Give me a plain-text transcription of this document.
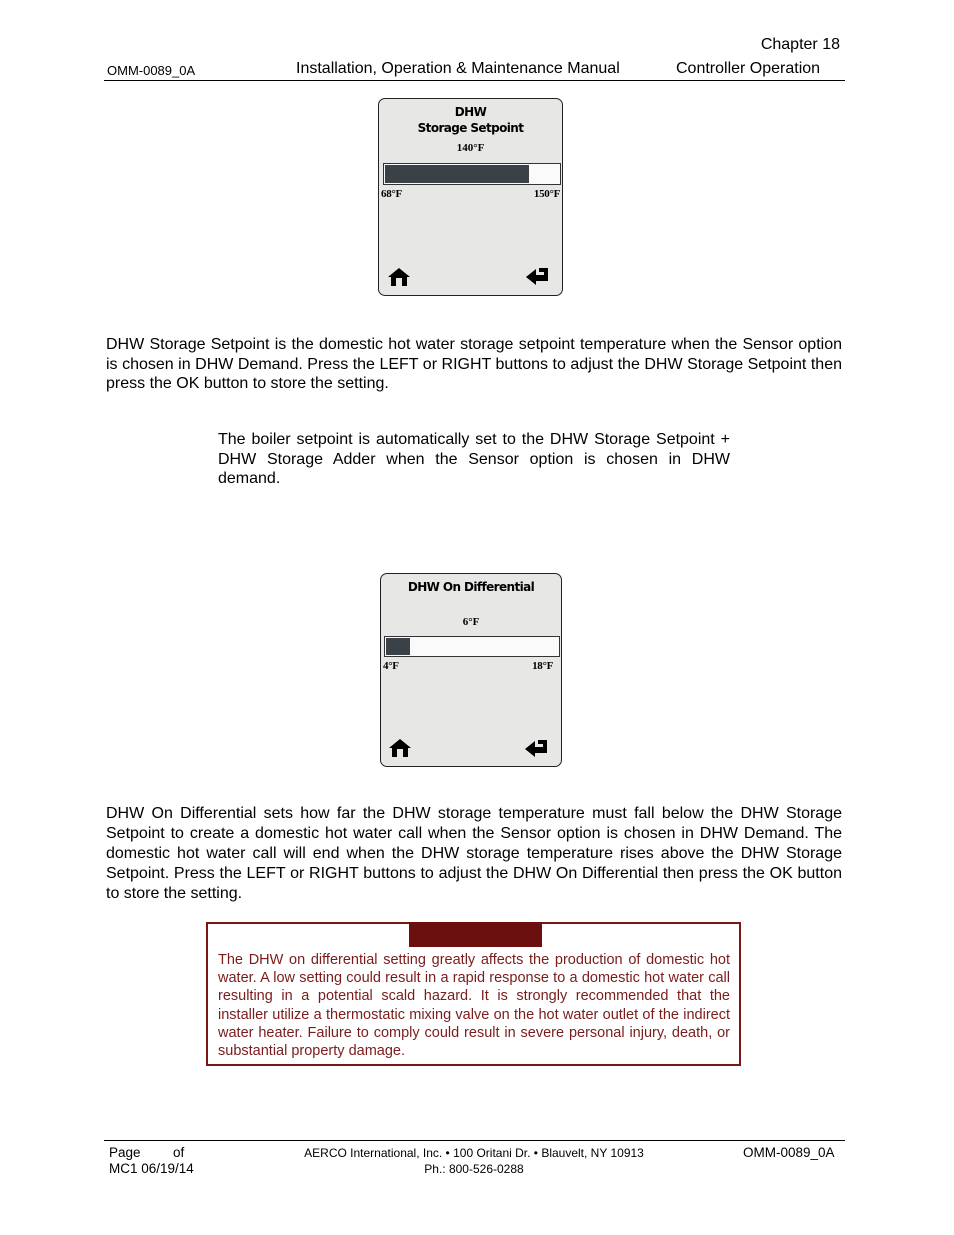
Chapter 18
OMM-0089_0A	Installation, Operation & Maintenance Manual	Controller Operation
DHW
Storage Setpoint
140°F
68°F	150°F
DHW Storage Setpoint is the domestic hot water storage setpoint temperature when the Sensor option is chosen in DHW Demand. Press the LEFT or RIGHT buttons to adjust the DHW Storage Setpoint then press the OK button to store the setting.
The boiler setpoint is automatically set to the DHW Storage Setpoint + DHW Storage Adder when the Sensor option is chosen in DHW demand.
DHW On Differential
6°F
4°F	18°F
DHW On Differential sets how far the DHW storage temperature must fall below the DHW Storage Setpoint to create a domestic hot water call when the Sensor option is chosen in DHW Demand. The domestic hot water call will end when the DHW storage temperature rises above the DHW Storage Setpoint. Press the LEFT or RIGHT buttons to adjust the DHW On Differential then press the OK button to store the setting.
The DHW on differential setting greatly affects the production of domestic hot water. A low setting could result in a rapid response to a domestic hot water call resulting in a potential scald hazard. It is strongly recommended that the installer utilize a thermostatic mixing valve on the hot water outlet of the indirect water heater. Failure to comply could result in severe personal injury, death, or substantial property damage.
Page of
MC1 06/19/14
AERCO International, Inc. • 100 Oritani Dr. • Blauvelt, NY 10913
Ph.: 800-526-0288
OMM-0089_0A
